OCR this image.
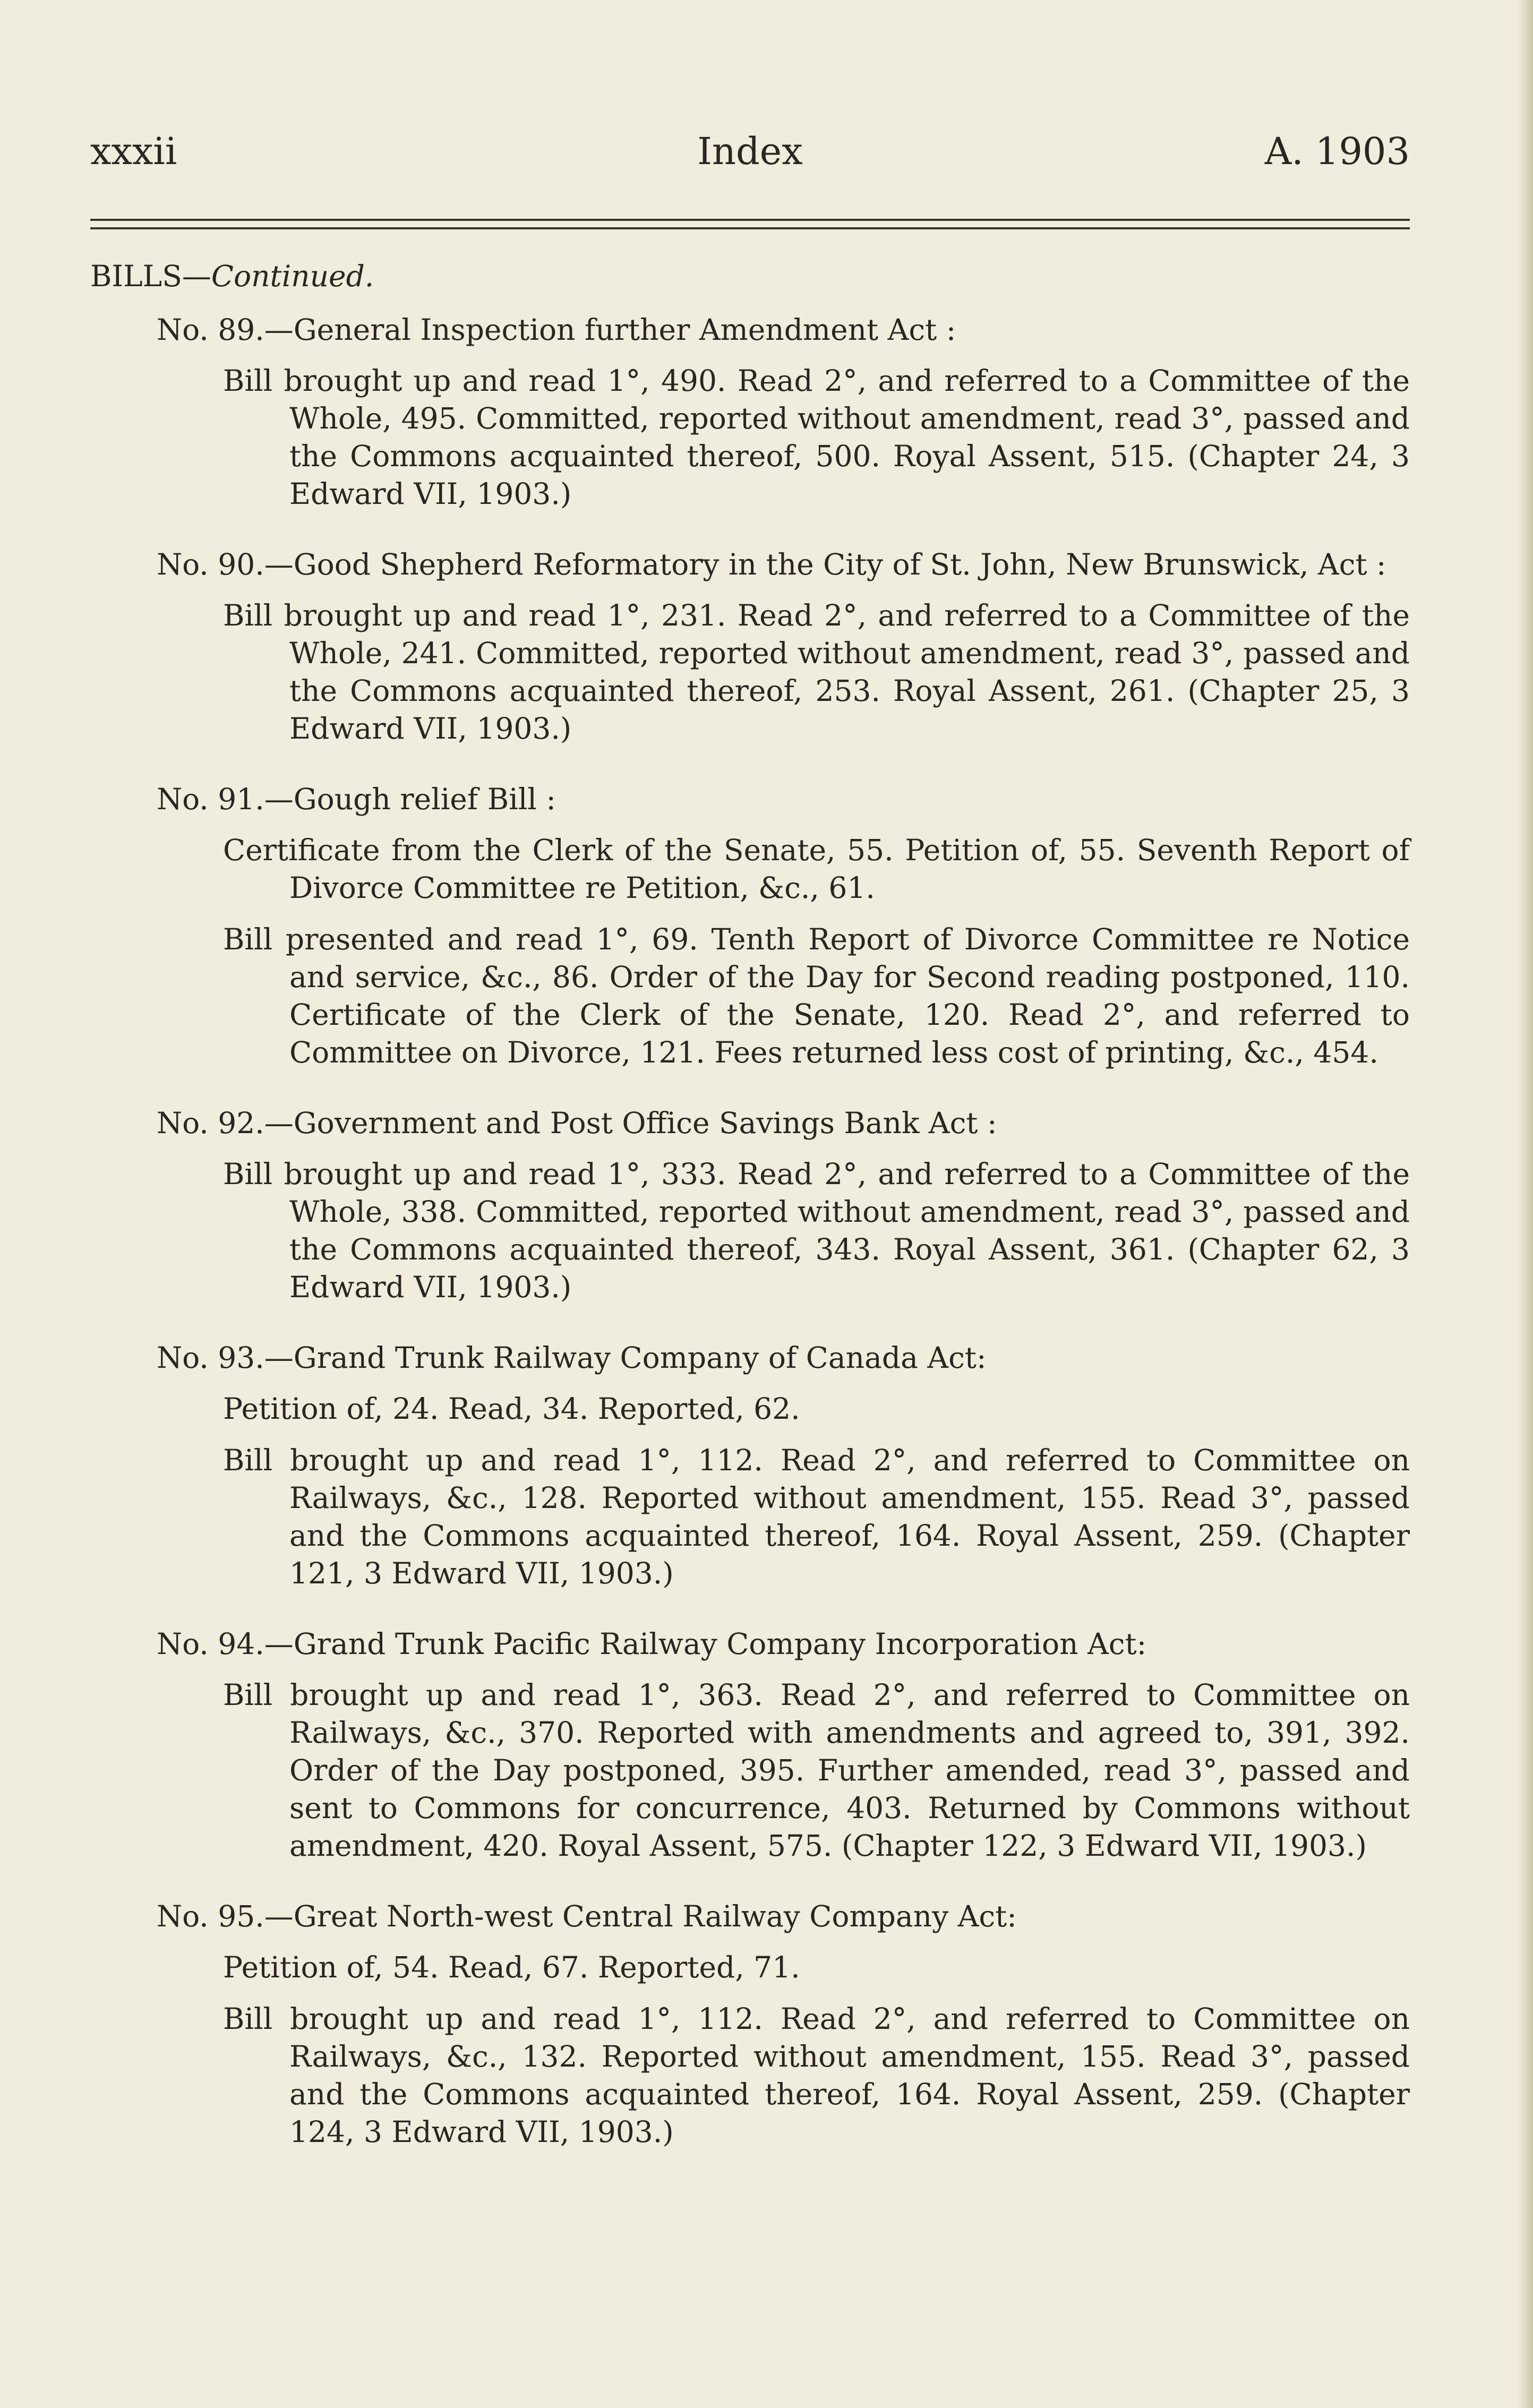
Index
xxxii	A. 1903
BILLS—Continued.
No. 89.—General Inspection further Amendment Act :
Bill brought up and read 1°, 490. Read 2°, and referred to a Committee of the Whole, 495. Committed, reported without amendment, read 3°, passed and the Commons acquainted thereof, 500. Royal Assent, 515. (Chapter 24, 3 Edward VII, 1903.)
No. 90.—Good Shepherd Reformatory in the City of St. John, New Brunswick, Act :
Bill brought up and read 1°, 231. Read 2°, and referred to a Committee of the Whole, 241. Committed, reported without amendment, read 3°, passed and the Commons acquainted thereof, 253. Royal Assent, 261. (Chapter 25, 3 Edward VII, 1903.)
No. 91.—Gough relief Bill :
Certificate from the Clerk of the Senate, 55. Petition of, 55. Seventh Report of Divorce Committee re Petition, &c., 61.
Bill presented and read 1°, 69. Tenth Report of Divorce Committee re Notice and service, &c., 86. Order of the Day for Second reading postponed, 110. Certificate of the Clerk of the Senate, 120. Read 2°, and referred to Committee on Divorce, 121. Fees returned less cost of printing, &c., 454.
No. 92.—Government and Post Office Savings Bank Act :
Bill brought up and read 1°, 333. Read 2°, and referred to a Committee of the Whole, 338. Committed, reported without amendment, read 3°, passed and the Commons acquainted thereof, 343. Royal Assent, 361. (Chapter 62, 3 Edward VII, 1903.)
No. 93.—Grand Trunk Railway Company of Canada Act:
Petition of, 24. Read, 34. Reported, 62.
Bill brought up and read 1°, 112. Read 2°, and referred to Committee on Railways, &c., 128. Reported without amendment, 155. Read 3°, passed and the Commons acquainted thereof, 164. Royal Assent, 259. (Chapter 121, 3 Edward VII, 1903.)
No. 94.—Grand Trunk Pacific Railway Company Incorporation Act:
Bill brought up and read 1°, 363. Read 2°, and referred to Committee on Railways, &c., 370. Reported with amendments and agreed to, 391, 392. Order of the Day postponed, 395. Further amended, read 3°, passed and sent to Commons for concurrence, 403. Returned by Commons without amendment, 420. Royal Assent, 575. (Chapter 122, 3 Edward VII, 1903.)
No. 95.—Great North-west Central Railway Company Act:
Petition of, 54. Read, 67. Reported, 71.
Bill brought up and read 1°, 112. Read 2°, and referred to Committee on Railways, &c., 132. Reported without amendment, 155. Read 3°, passed and the Commons acquainted thereof, 164. Royal Assent, 259. (Chapter 124, 3 Edward VII, 1903.)
